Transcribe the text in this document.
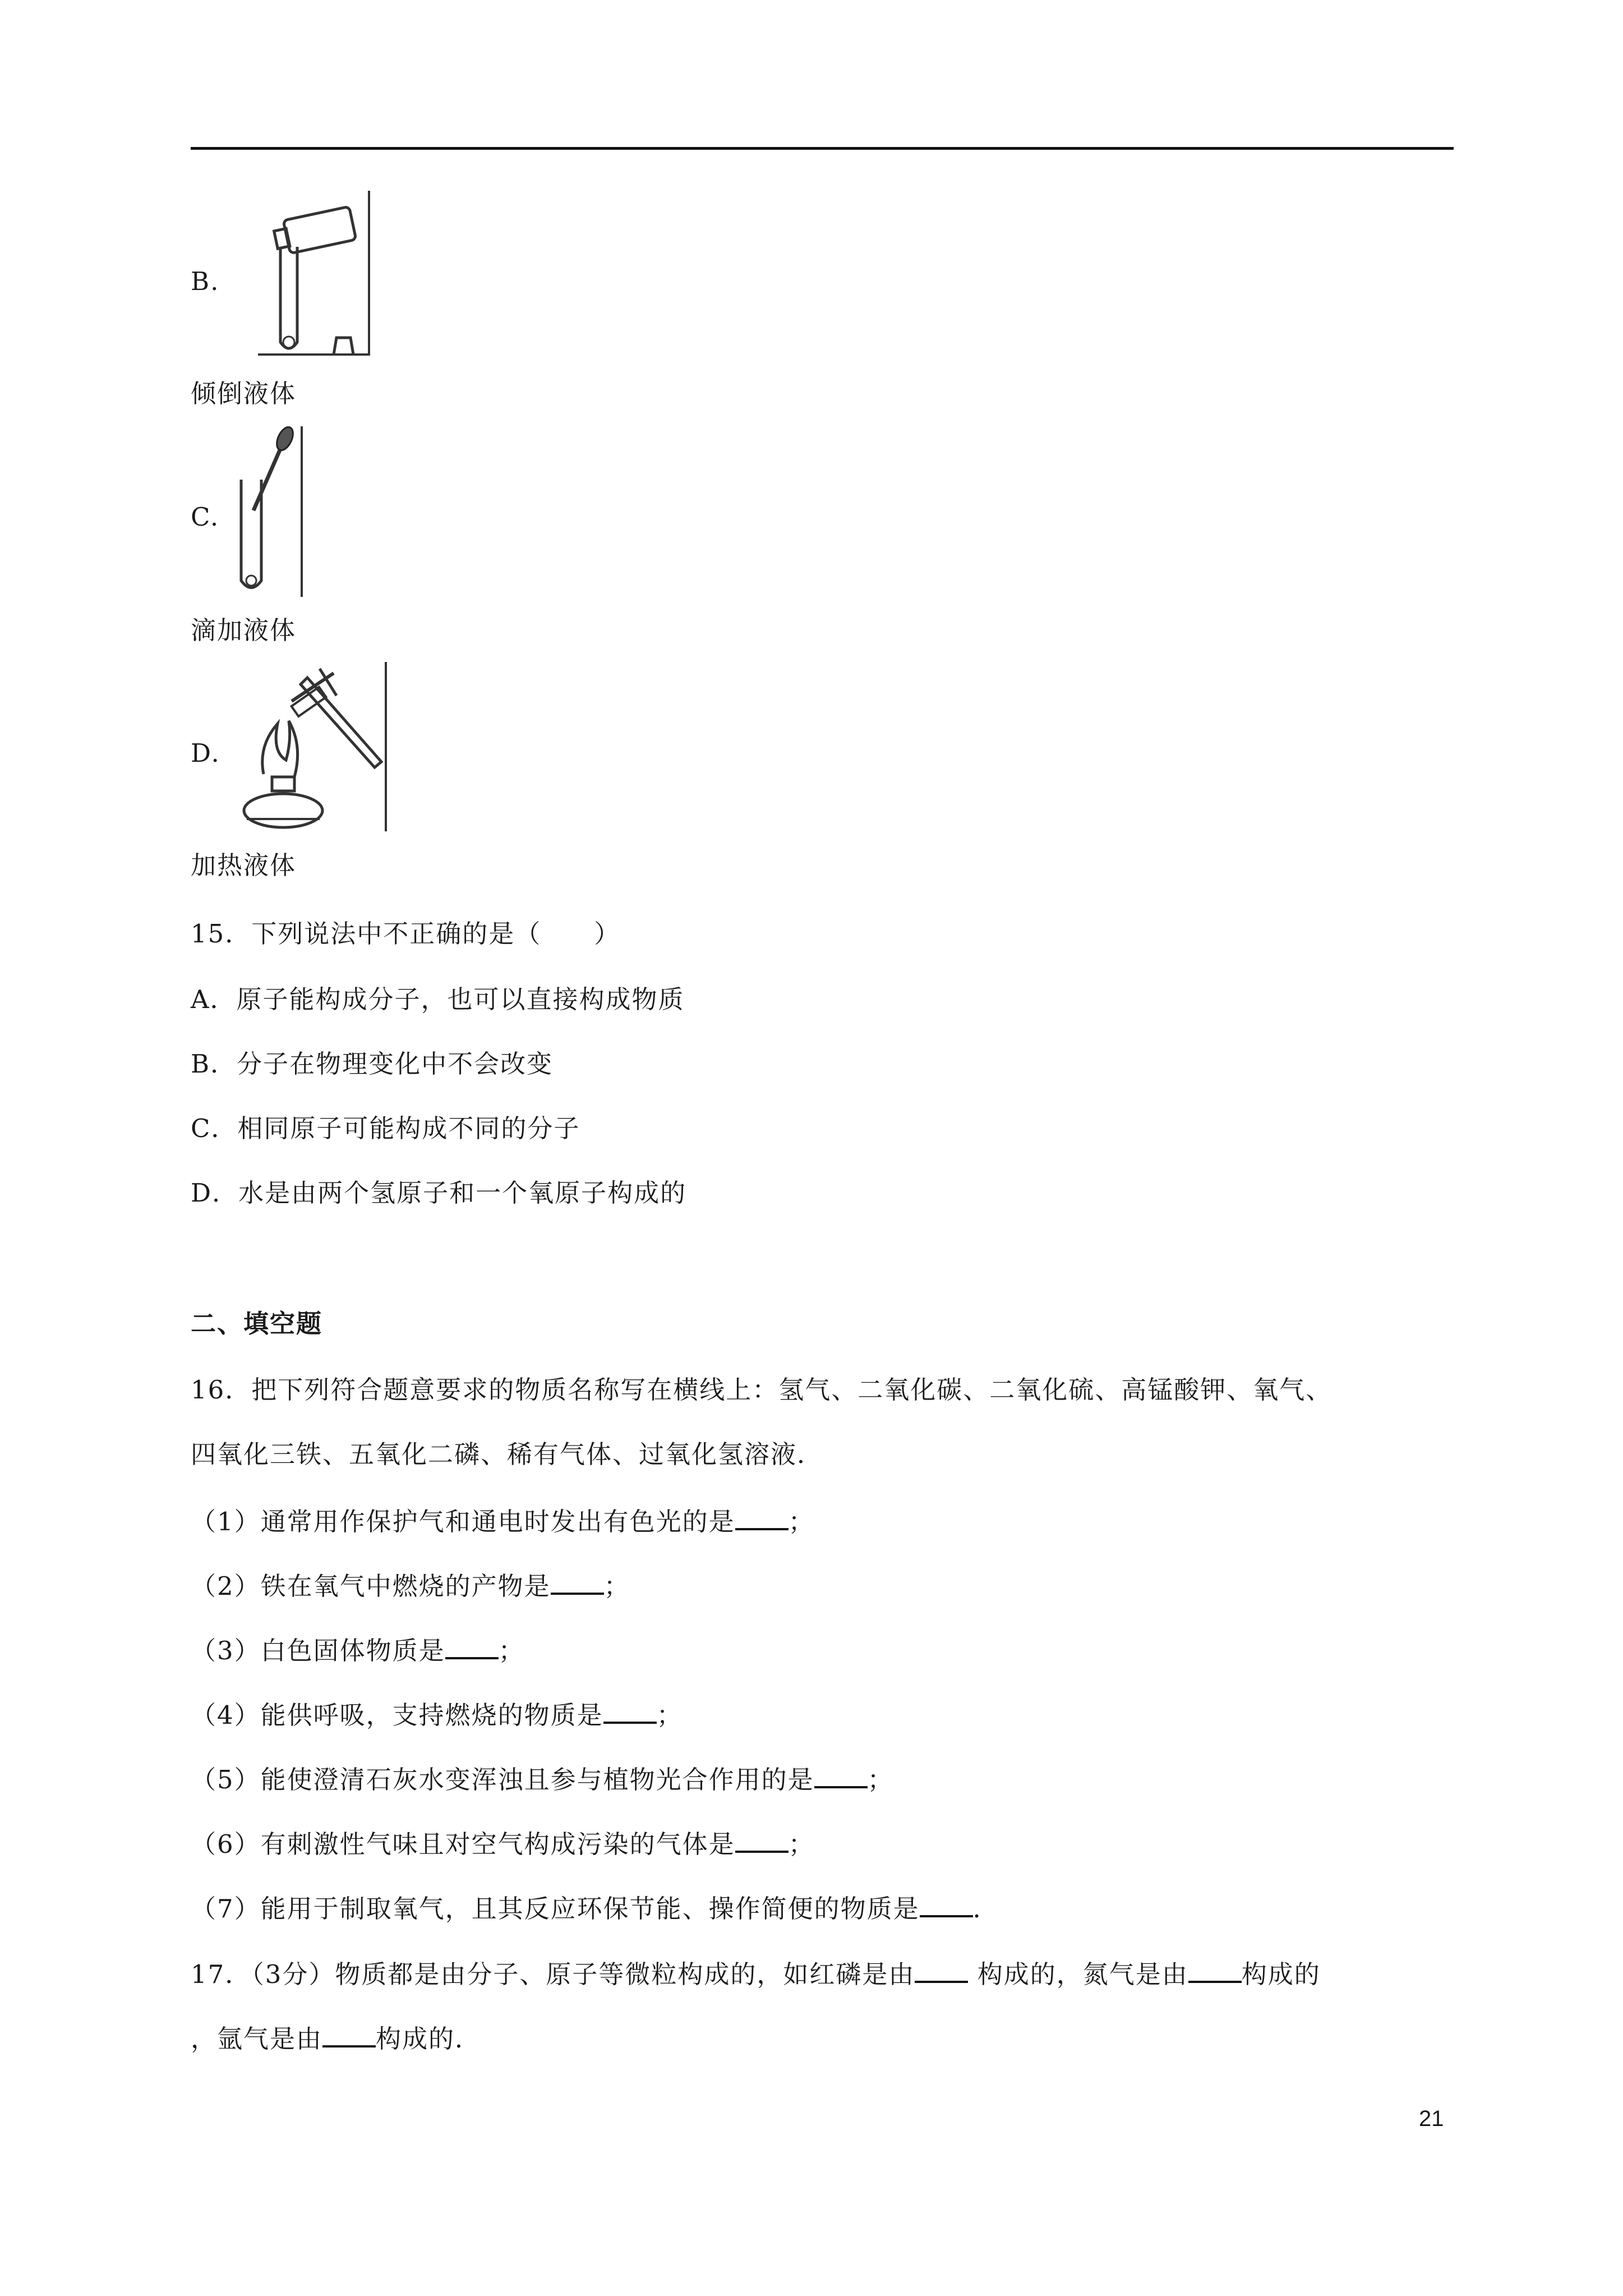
B.
倾倒液体
C.
滴加液体
D.
加热液体
15．下列说法中不正确的是（　　）
A．原子能构成分子，也可以直接构成物质
B．分子在物理变化中不会改变
C．相同原子可能构成不同的分子
D．水是由两个氢原子和一个氧原子构成的
二、填空题
16．把下列符合题意要求的物质名称写在横线上：氢气、二氧化碳、二氧化硫、高锰酸钾、氧气、
四氧化三铁、五氧化二磷、稀有气体、过氧化氢溶液．
（1）通常用作保护气和通电时发出有色光的是 ；
（2）铁在氧气中燃烧的产物是 ；
（3）白色固体物质是 ；
（4）能供呼吸，支持燃烧的物质是 ；
（5）能使澄清石灰水变浑浊且参与植物光合作用的是 ；
（6）有刺激性气味且对空气构成污染的气体是 ；
（7）能用于制取氧气，且其反应环保节能、操作简便的物质是 ．
17．（3分）物质都是由分子、原子等微粒构成的，如红磷是由 构成的，氮气是由 构成的
，氩气是由 构成的．
21
